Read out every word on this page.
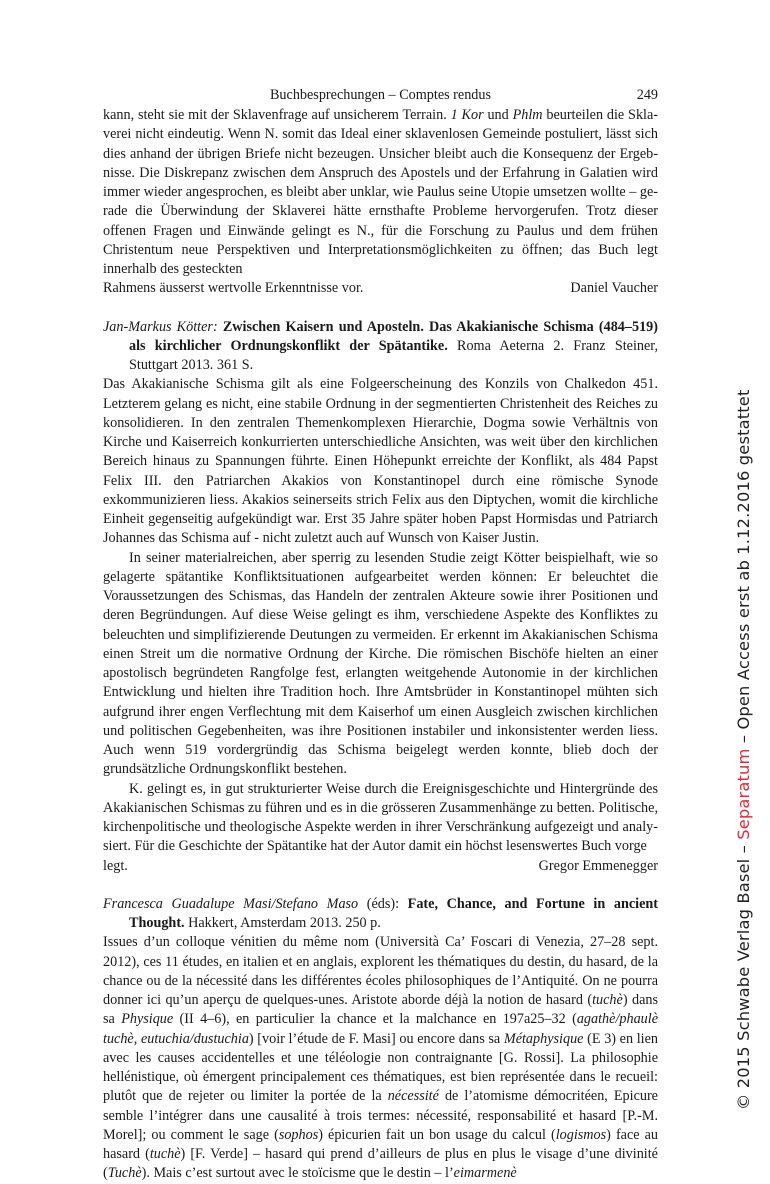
Buchbesprechungen – Comptes rendus	249

kann, steht sie mit der Sklavenfrage auf unsicherem Terrain. 1 Kor und Phlm beurteilen die Sklaverei nicht eindeutig. Wenn N. somit das Ideal einer sklavenlosen Gemeinde postuliert, lässt sich dies anhand der übrigen Briefe nicht bezeugen. Unsicher bleibt auch die Konsequenz der Ergebnisse. Die Diskrepanz zwischen dem Anspruch des Apostels und der Erfahrung in Galatien wird immer wieder angesprochen, es bleibt aber unklar, wie Paulus seine Utopie umsetzen wollte – gerade die Überwindung der Sklaverei hätte ernsthafte Probleme hervorgerufen. Trotz dieser offenen Fragen und Einwände gelingt es N., für die Forschung zu Paulus und dem frühen Christentum neue Perspektiven und Interpretationsmöglichkeiten zu öffnen; das Buch legt innerhalb des gesteckten

Rahmens äusserst wertvolle Erkenntnisse vor.	Daniel Vaucher

Jan-Markus Kötter: Zwischen Kaisern und Aposteln. Das Akakianische Schisma (484–519) als kirchlicher Ordnungskonflikt der Spätantike. Roma Aeterna 2. Franz Steiner, Stuttgart 2013. 361 S.

Das Akakianische Schisma gilt als eine Folgeerscheinung des Konzils von Chalkedon 451. Letzterem gelang es nicht, eine stabile Ordnung in der segmentierten Christenheit des Reiches zu konsolidieren. In den zentralen Themenkomplexen Hierarchie, Dogma sowie Verhältnis von Kirche und Kaiserreich konkurrierten unterschiedliche Ansichten, was weit über den kirchlichen Bereich hinaus zu Spannungen führte. Einen Höhepunkt erreichte der Konflikt, als 484 Papst Felix III. den Patriarchen Akakios von Konstantinopel durch eine römische Synode exkommunizieren liess. Akakios seinerseits strich Felix aus den Diptychen, womit die kirchliche Einheit gegenseitig aufgekündigt war. Erst 35 Jahre später hoben Papst Hormisdas und Patriarch Johannes das Schisma auf - nicht zuletzt auch auf Wunsch von Kaiser Justin.

In seiner materialreichen, aber sperrig zu lesenden Studie zeigt Kötter beispielhaft, wie so gelagerte spätantike Konfliktsituationen aufgearbeitet werden können: Er beleuchtet die Voraussetzungen des Schismas, das Handeln der zentralen Akteure sowie ihrer Positionen und deren Begründungen. Auf diese Weise gelingt es ihm, verschiedene Aspekte des Konfliktes zu beleuchten und simplifizierende Deutungen zu vermeiden. Er erkennt im Akakianischen Schisma einen Streit um die normative Ordnung der Kirche. Die römischen Bischöfe hielten an einer apostolisch begründeten Rangfolge fest, erlangten weitgehende Autonomie in der kirchlichen Entwicklung und hielten ihre Tradition hoch. Ihre Amtsbrüder in Konstantinopel mühten sich aufgrund ihrer engen Verflechtung mit dem Kaiserhof um einen Ausgleich zwischen kirchlichen und politischen Gegebenheiten, was ihre Positionen instabiler und inkonsistenter werden liess. Auch wenn 519 vordergründig das Schisma beigelegt werden konnte, blieb doch der grundsätzliche Ordnungskonflikt bestehen.

K. gelingt es, in gut strukturierter Weise durch die Ereignisgeschichte und Hintergründe des Akakianischen Schismas zu führen und es in die grösseren Zusammenhänge zu betten. Politische, kirchenpolitische und theologische Aspekte werden in ihrer Verschränkung aufgezeigt und analysiert. Für die Geschichte der Spätantike hat der Autor damit ein höchst lesenswertes Buch vorge

legt.	Gregor Emmenegger

Francesca Guadalupe Masi/Stefano Maso (éds): Fate, Chance, and Fortune in ancient Thought. Hakkert, Amsterdam 2013. 250 p.

Issues d’un colloque vénitien du même nom (Università Ca’ Foscari di Venezia, 27–28 sept. 2012), ces 11 études, en italien et en anglais, explorent les thématiques du destin, du hasard, de la chance ou de la nécessité dans les différentes écoles philosophiques de l’Antiquité. On ne pourra donner ici qu’un aperçu de quelques-unes. Aristote aborde déjà la notion de hasard (tuchè) dans sa Physique (II 4–6), en particulier la chance et la malchance en 197a25–32 (agathè/phaulè tuchè, eutuchia/dustuchia) [voir l’étude de F. Masi] ou encore dans sa Métaphysique (E 3) en lien avec les causes accidentelles et une téléologie non contraignante [G. Rossi]. La philosophie hellénistique, où émergent principalement ces thématiques, est bien représentée dans le recueil: plutôt que de rejeter ou limiter la portée de la nécessité de l’atomisme démocritéen, Epicure semble l’intégrer dans une causalité à trois termes: nécessité, responsabilité et hasard [P.-M. Morel]; ou comment le sage (sophos) épicurien fait un bon usage du calcul (logismos) face au hasard (tuchè) [F. Verde] – hasard qui prend d’ailleurs de plus en plus le visage d’une divinité (Tuchè). Mais c’est surtout avec le stoïcisme que le destin – l’eimarmenè

© 2015 Schwabe Verlag Basel – Separatum – Open Access erst ab 1.12.2016 gestattet
